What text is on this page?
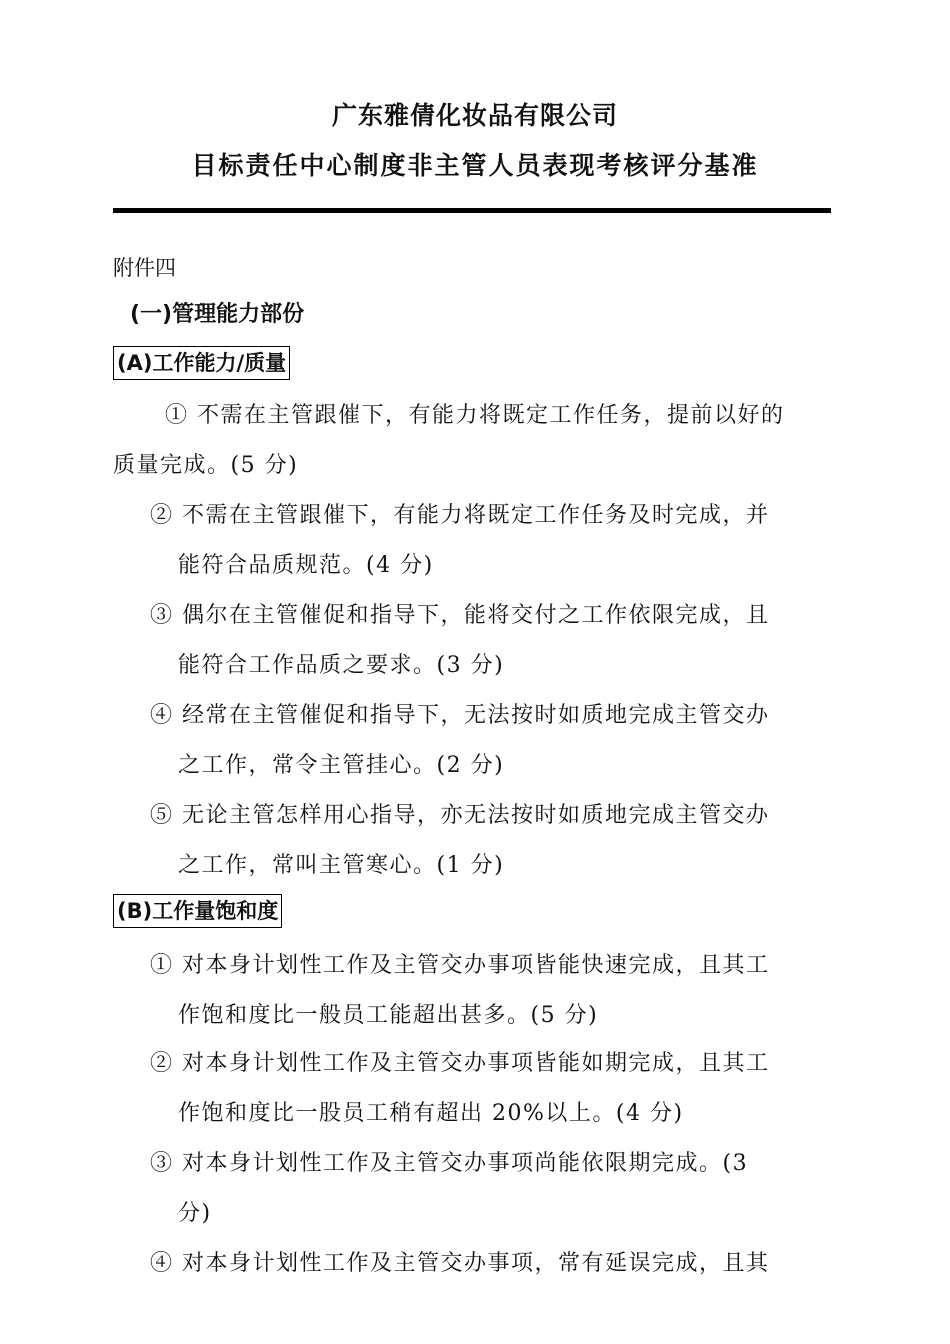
广东雅倩化妆品有限公司
目标责任中心制度非主管人员表现考核评分基准
附件四
(一)管理能力部份
(A)工作能力/质量
① 不需在主管跟催下，有能力将既定工作任务，提前以好的
质量完成。(5 分)
② 不需在主管跟催下，有能力将既定工作任务及时完成，并
能符合品质规范。(4 分)
③ 偶尔在主管催促和指导下，能将交付之工作依限完成，且
能符合工作品质之要求。(3 分)
④ 经常在主管催促和指导下，无法按时如质地完成主管交办
之工作，常令主管挂心。(2 分)
⑤ 无论主管怎样用心指导，亦无法按时如质地完成主管交办
之工作，常叫主管寒心。(1 分)
(B)工作量饱和度
① 对本身计划性工作及主管交办事项皆能快速完成，且其工
作饱和度比一般员工能超出甚多。(5 分)
② 对本身计划性工作及主管交办事项皆能如期完成，且其工
作饱和度比一股员工稍有超出 20%以上。(4 分)
③ 对本身计划性工作及主管交办事项尚能依限期完成。(3
分)
④ 对本身计划性工作及主管交办事项，常有延误完成，且其
